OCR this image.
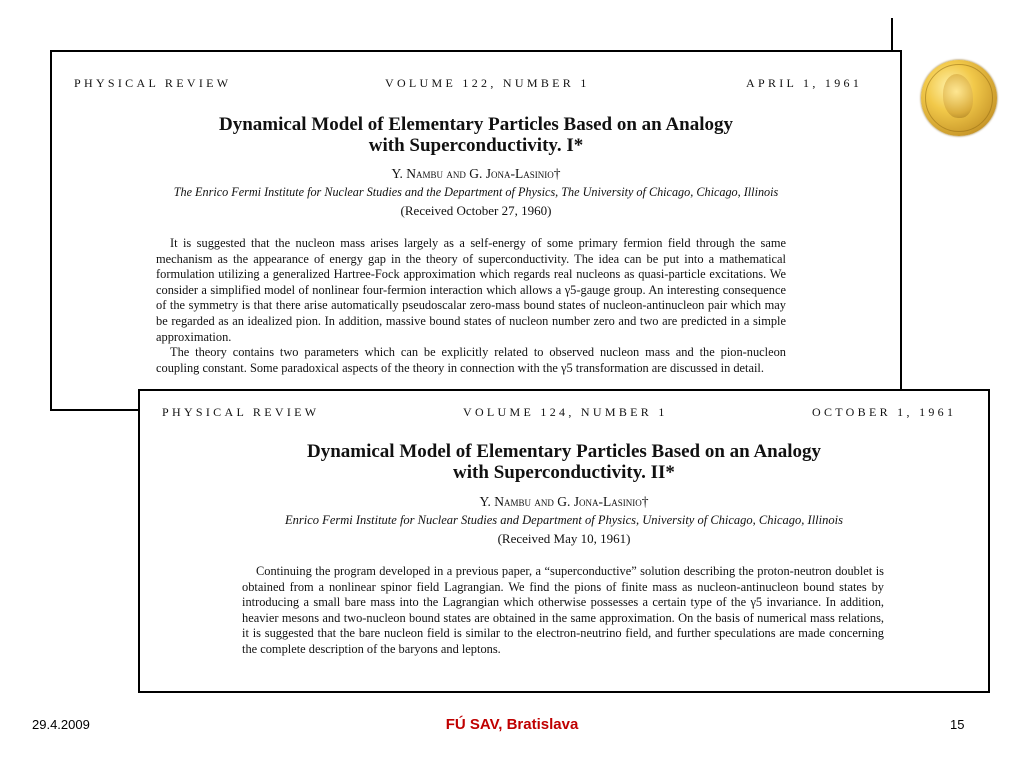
PHYSICAL REVIEW	VOLUME 122, NUMBER 1	APRIL 1, 1961
Dynamical Model of Elementary Particles Based on an Analogy
with Superconductivity. I*
Y. Nambu and G. Jona-Lasinio†
The Enrico Fermi Institute for Nuclear Studies and the Department of Physics, The University of Chicago, Chicago, Illinois
(Received October 27, 1960)

It is suggested that the nucleon mass arises largely as a self-energy of some primary fermion field through the same mechanism as the appearance of energy gap in the theory of superconductivity. The idea can be put into a mathematical formulation utilizing a generalized Hartree-Fock approximation which regards real nucleons as quasi-particle excitations. We consider a simplified model of nonlinear four-fermion interaction which allows a γ5-gauge group. An interesting consequence of the symmetry is that there arise automatically pseudoscalar zero-mass bound states of nucleon-antinucleon pair which may be regarded as an idealized pion. In addition, massive bound states of nucleon number zero and two are predicted in a simple approximation.

The theory contains two parameters which can be explicitly related to observed nucleon mass and the pion-nucleon coupling constant. Some paradoxical aspects of the theory in connection with the γ5 transformation are discussed in detail.

PHYSICAL REVIEW	VOLUME 124, NUMBER 1	OCTOBER 1, 1961
Dynamical Model of Elementary Particles Based on an Analogy
with Superconductivity. II*
Y. Nambu and G. Jona-Lasinio†
Enrico Fermi Institute for Nuclear Studies and Department of Physics, University of Chicago, Chicago, Illinois
(Received May 10, 1961)

Continuing the program developed in a previous paper, a “superconductive” solution describing the proton-neutron doublet is obtained from a nonlinear spinor field Lagrangian. We find the pions of finite mass as nucleon-antinucleon bound states by introducing a small bare mass into the Lagrangian which otherwise possesses a certain type of the γ5 invariance. In addition, heavier mesons and two-nucleon bound states are obtained in the same approximation. On the basis of numerical mass relations, it is suggested that the bare nucleon field is similar to the electron-neutrino field, and further speculations are made concerning the complete description of the baryons and leptons.

29.4.2009	FÚ SAV, Bratislava	15
